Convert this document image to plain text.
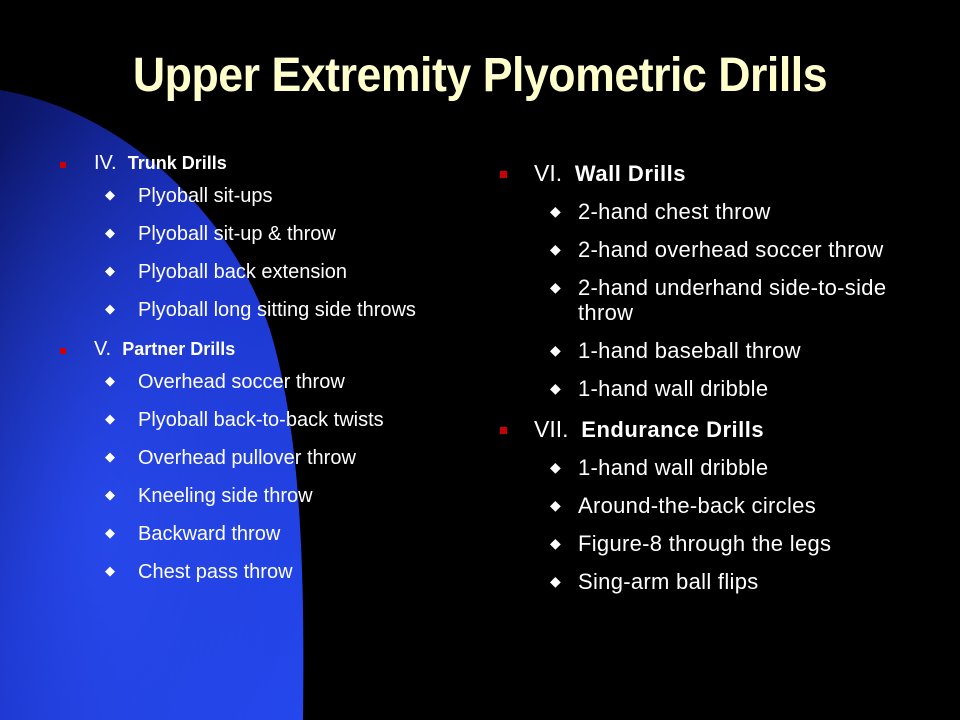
Upper Extremity Plyometric Drills
IV. Trunk Drills
◆ Plyoball sit-ups
◆ Plyoball sit-up & throw
◆ Plyoball back extension
◆ Plyoball long sitting side throws
V. Partner Drills
◆ Overhead soccer throw
◆ Plyoball back-to-back twists
◆ Overhead pullover throw
◆ Kneeling side throw
◆ Backward throw
◆ Chest pass throw
VI. Wall Drills
◆ 2-hand chest throw
◆ 2-hand overhead soccer throw
◆ 2-hand underhand side-to-side throw
◆ 1-hand baseball throw
◆ 1-hand wall dribble
VII. Endurance Drills
◆ 1-hand wall dribble
◆ Around-the-back circles
◆ Figure-8 through the legs
◆ Sing-arm ball flips
